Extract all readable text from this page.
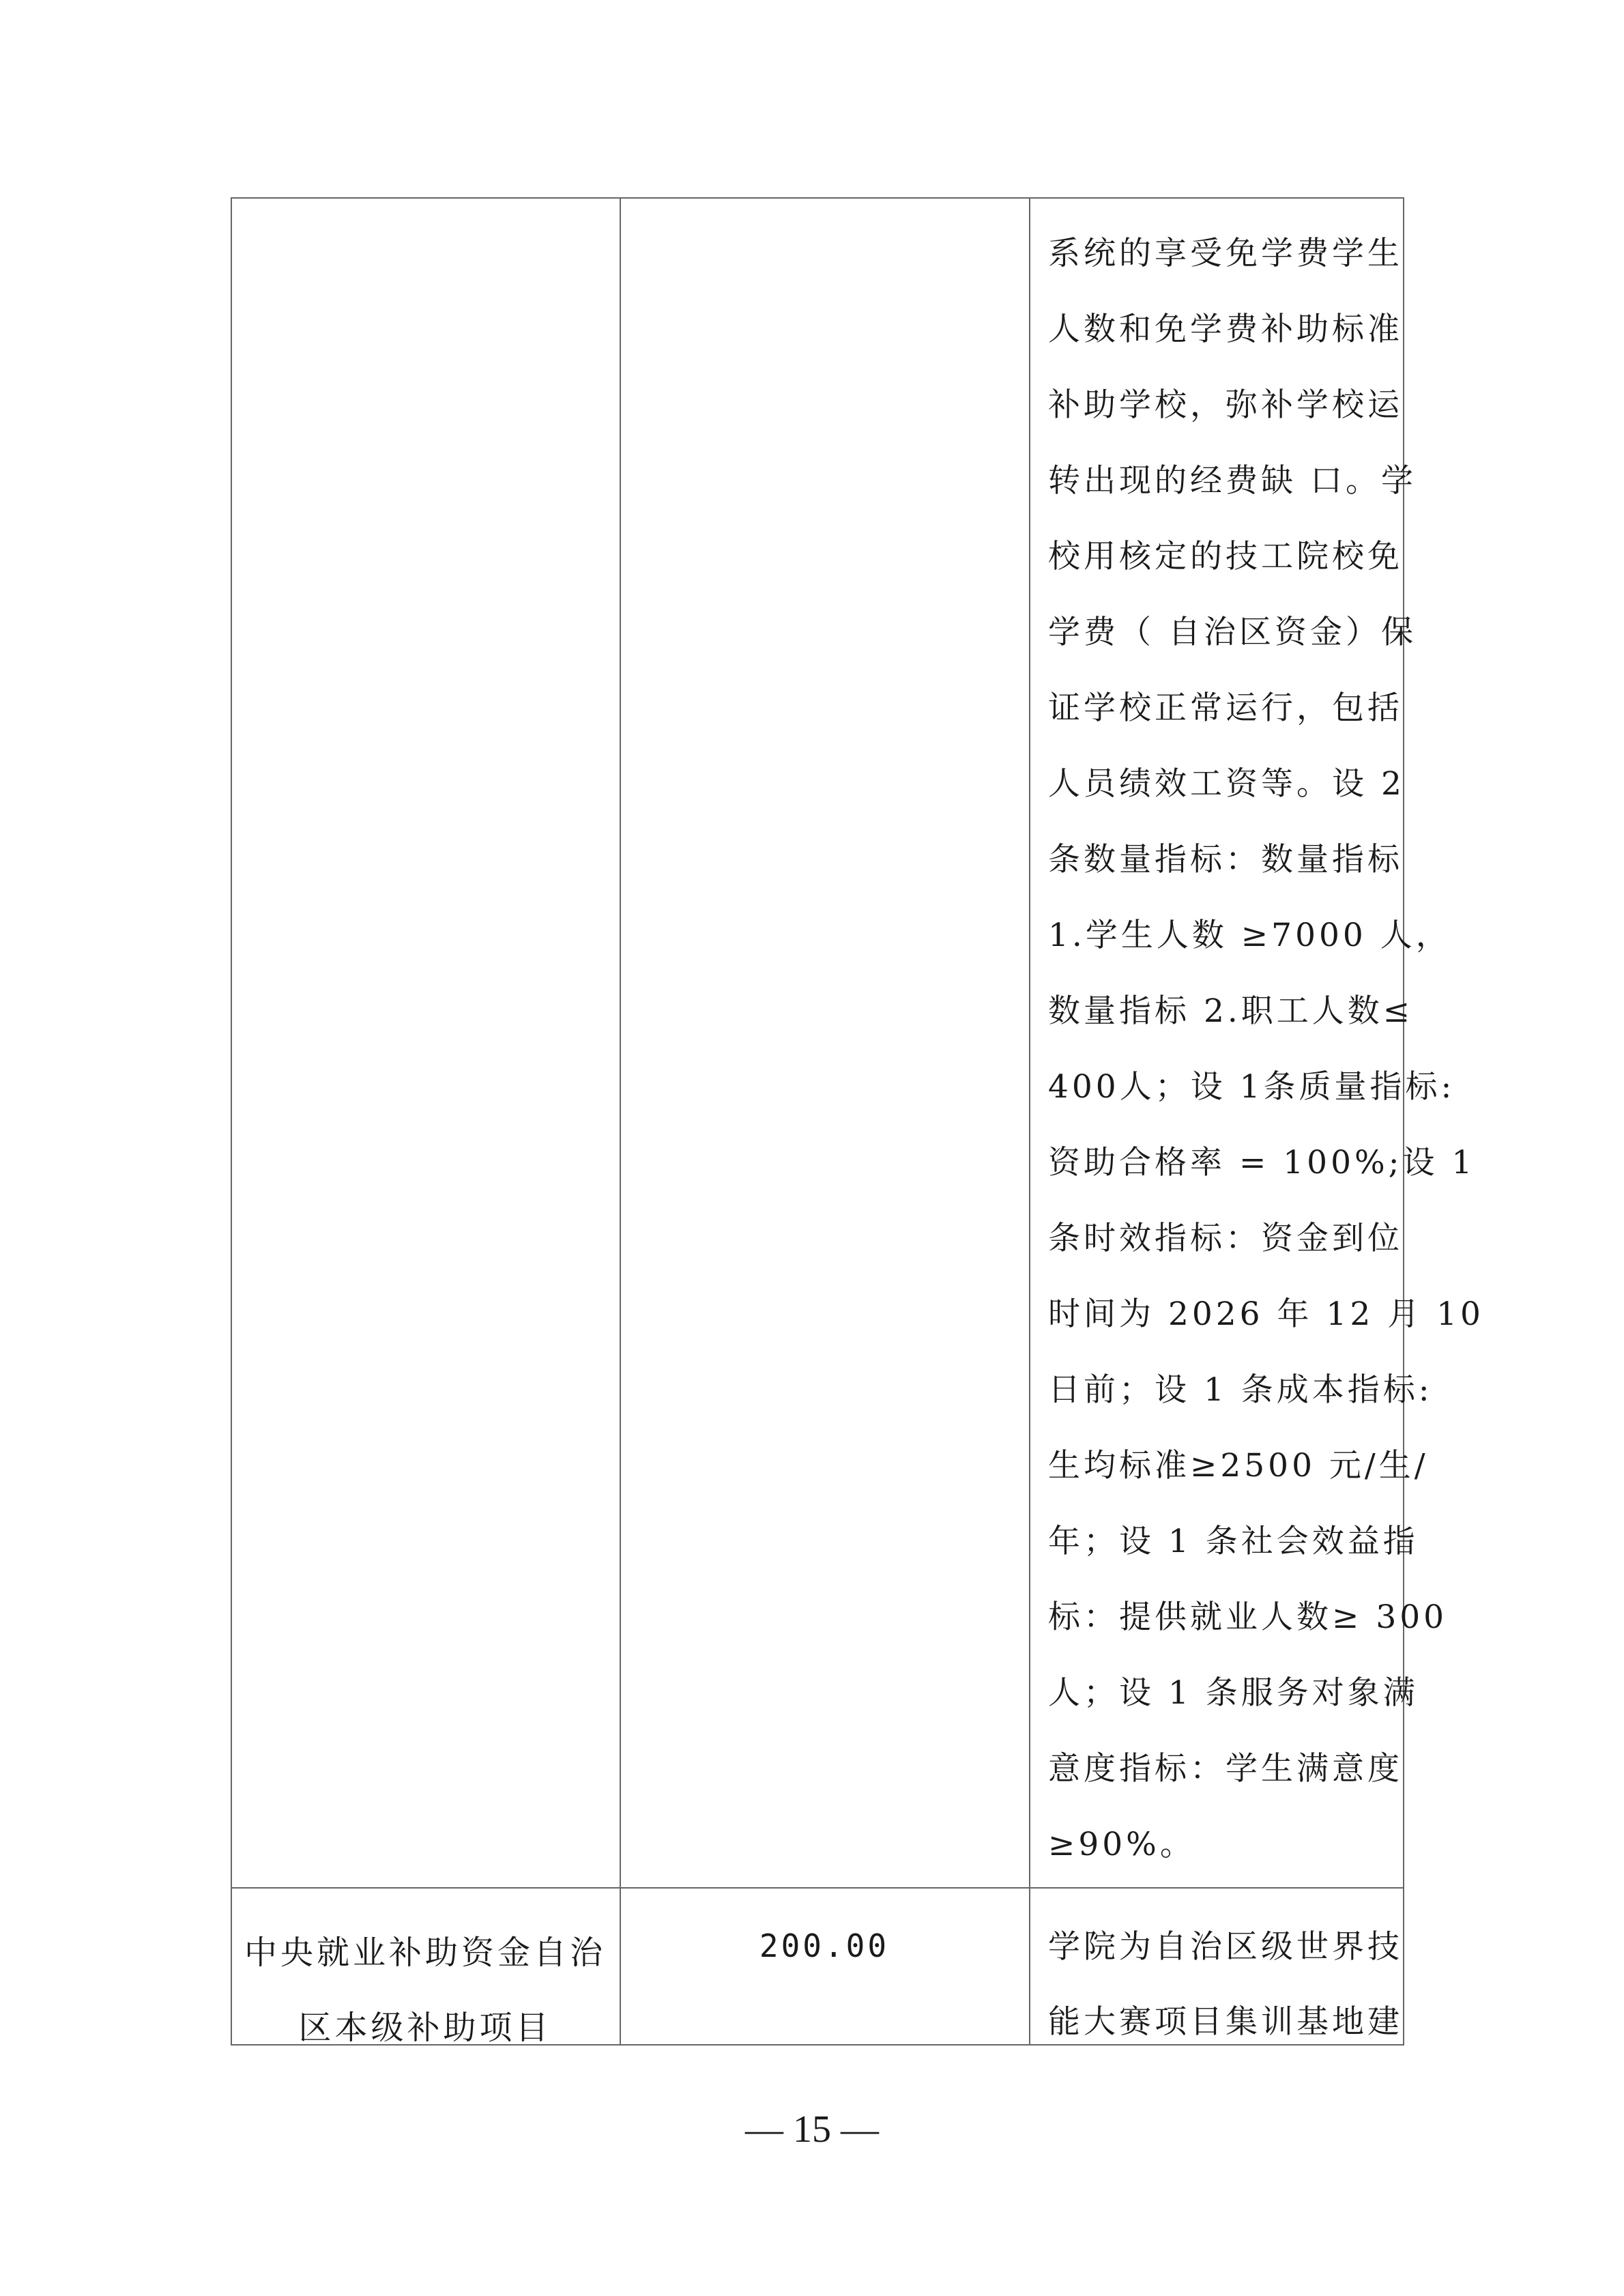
系统的享受免学费学生
人数和免学费补助标准
补助学校，弥补学校运
转出现的经费缺 口。学
校用核定的技工院校免
学费（ 自治区资金）保
证学校正常运行，包括
人员绩效工资等。设 2
条数量指标：数量指标
1.学生人数 ≥7000 人，
数量指标 2.职工人数≤
400人；设 1条质量指标:
资助合格率 = 100%;设 1
条时效指标：资金到位
时间为 2026 年 12 月 10
日前；设 1 条成本指标:
生均标准≥2500 元/生/
年；设 1 条社会效益指
标：提供就业人数≥ 300
人；设 1 条服务对象满
意度指标：学生满意度
≥90%。
中央就业补助资金自治
区本级补助项目
200.00	学院为自治区级世界技
能大赛项目集训基地建
— 15 —
